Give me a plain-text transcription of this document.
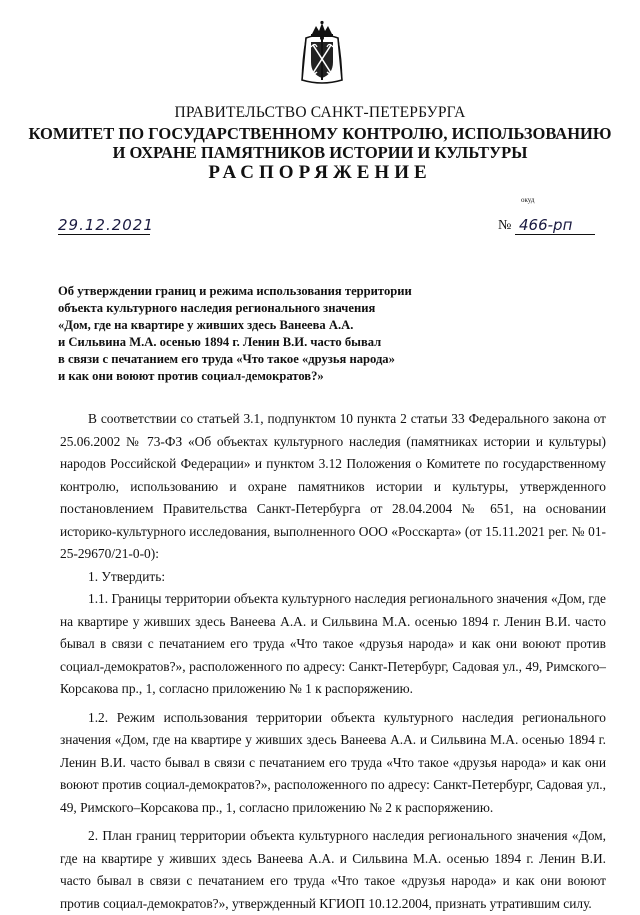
ПРАВИТЕЛЬСТВО САНКТ-ПЕТЕРБУРГА
КОМИТЕТ ПО ГОСУДАРСТВЕННОМУ КОНТРОЛЮ, ИСПОЛЬЗОВАНИЮ
И ОХРАНЕ ПАМЯТНИКОВ ИСТОРИИ И КУЛЬТУРЫ
РАСПОРЯЖЕНИЕ
окуд
29.12.2021	№ 466-рп
Об утверждении границ и режима использования территории
объекта культурного наследия регионального значения
«Дом, где на квартире у живших здесь Ванеева А.А.
и Сильвина М.А. осенью 1894 г. Ленин В.И. часто бывал
в связи с печатанием его труда «Что такое «друзья народа»
и как они воюют против социал-демократов?»

В соответствии со статьей 3.1, подпунктом 10 пункта 2 статьи 33 Федерального закона от 25.06.2002 № 73-ФЗ «Об объектах культурного наследия (памятниках истории и культуры) народов Российской Федерации» и пунктом 3.12 Положения о Комитете по государственному контролю, использованию и охране памятников истории и культуры, утвержденного постановлением Правительства Санкт-Петербурга от 28.04.2004 № 651, на основании историко-культурного исследования, выполненного ООО «Росскарта» (от 15.11.2021 рег. № 01-25-29670/21-0-0):

1. Утвердить:

1.1. Границы территории объекта культурного наследия регионального значения «Дом, где на квартире у живших здесь Ванеева А.А. и Сильвина М.А. осенью 1894 г. Ленин В.И. часто бывал в связи с печатанием его труда «Что такое «друзья народа» и как они воюют против социал-демократов?», расположенного по адресу: Санкт-Петербург, Садовая ул., 49, Римского–Корсакова пр., 1, согласно приложению № 1 к распоряжению.

1.2. Режим использования территории объекта культурного наследия регионального значения «Дом, где на квартире у живших здесь Ванеева А.А. и Сильвина М.А. осенью 1894 г. Ленин В.И. часто бывал в связи с печатанием его труда «Что такое «друзья народа» и как они воюют против социал-демократов?», расположенного по адресу: Санкт-Петербург, Садовая ул., 49, Римского–Корсакова пр., 1, согласно приложению № 2 к распоряжению.

2. План границ территории объекта культурного наследия регионального значения «Дом, где на квартире у живших здесь Ванеева А.А. и Сильвина М.А. осенью 1894 г. Ленин В.И. часто бывал в связи с печатанием его труда «Что такое «друзья народа» и как они воюют против социал-демократов?», утвержденный КГИОП 10.12.2004, признать утратившим силу.
